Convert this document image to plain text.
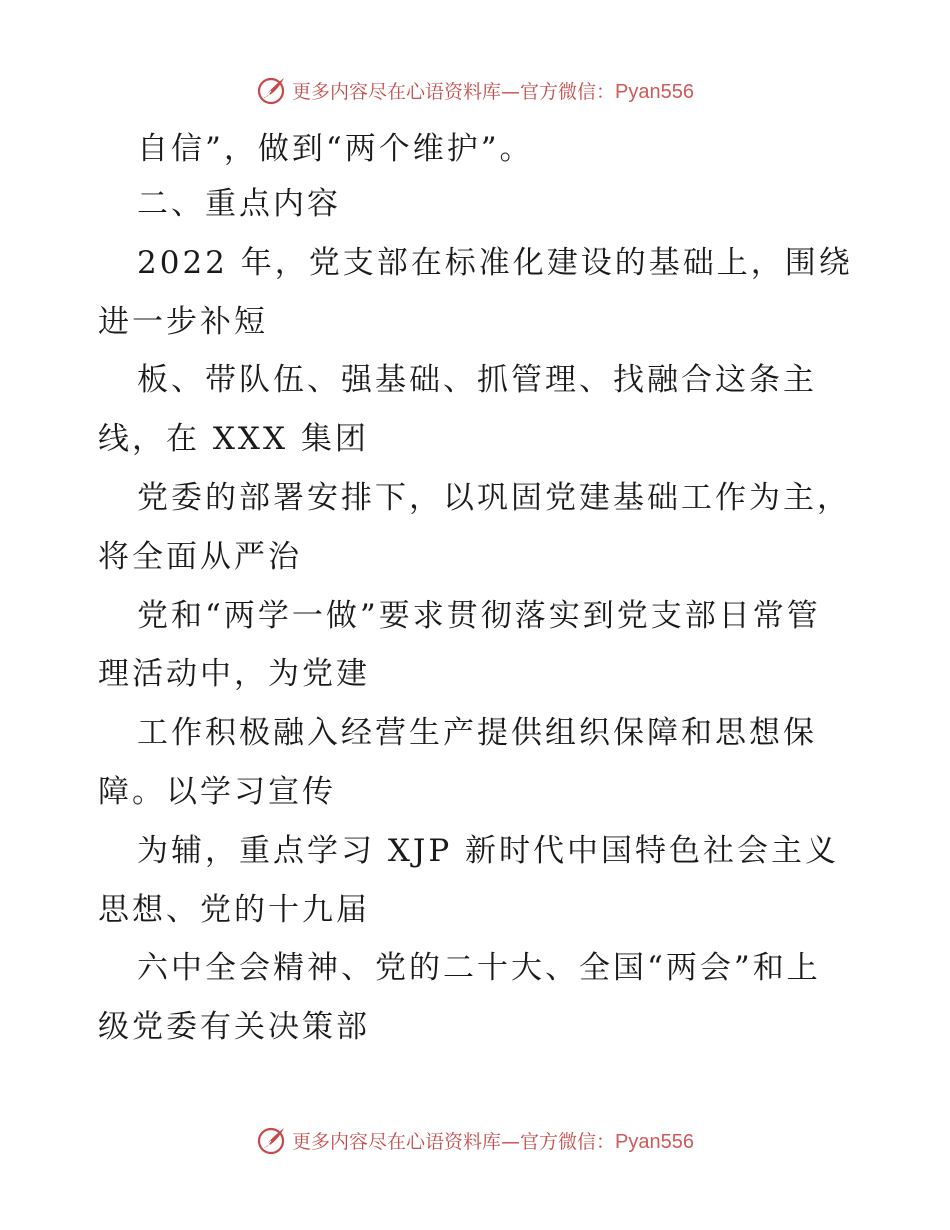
更多内容尽在心语资料库—官方微信：Pyan556
自信”，做到“两个维护”。
二、重点内容
2022 年，党支部在标准化建设的基础上，围绕
进一步补短
板、带队伍、强基础、抓管理、找融合这条主
线，在 XXX 集团
党委的部署安排下，以巩固党建基础工作为主，
将全面从严治
党和“两学一做”要求贯彻落实到党支部日常管
理活动中，为党建
工作积极融入经营生产提供组织保障和思想保
障。以学习宣传
为辅，重点学习 XJP 新时代中国特色社会主义
思想、党的十九届
六中全会精神、党的二十大、全国“两会”和上
级党委有关决策部
更多内容尽在心语资料库—官方微信：Pyan556
